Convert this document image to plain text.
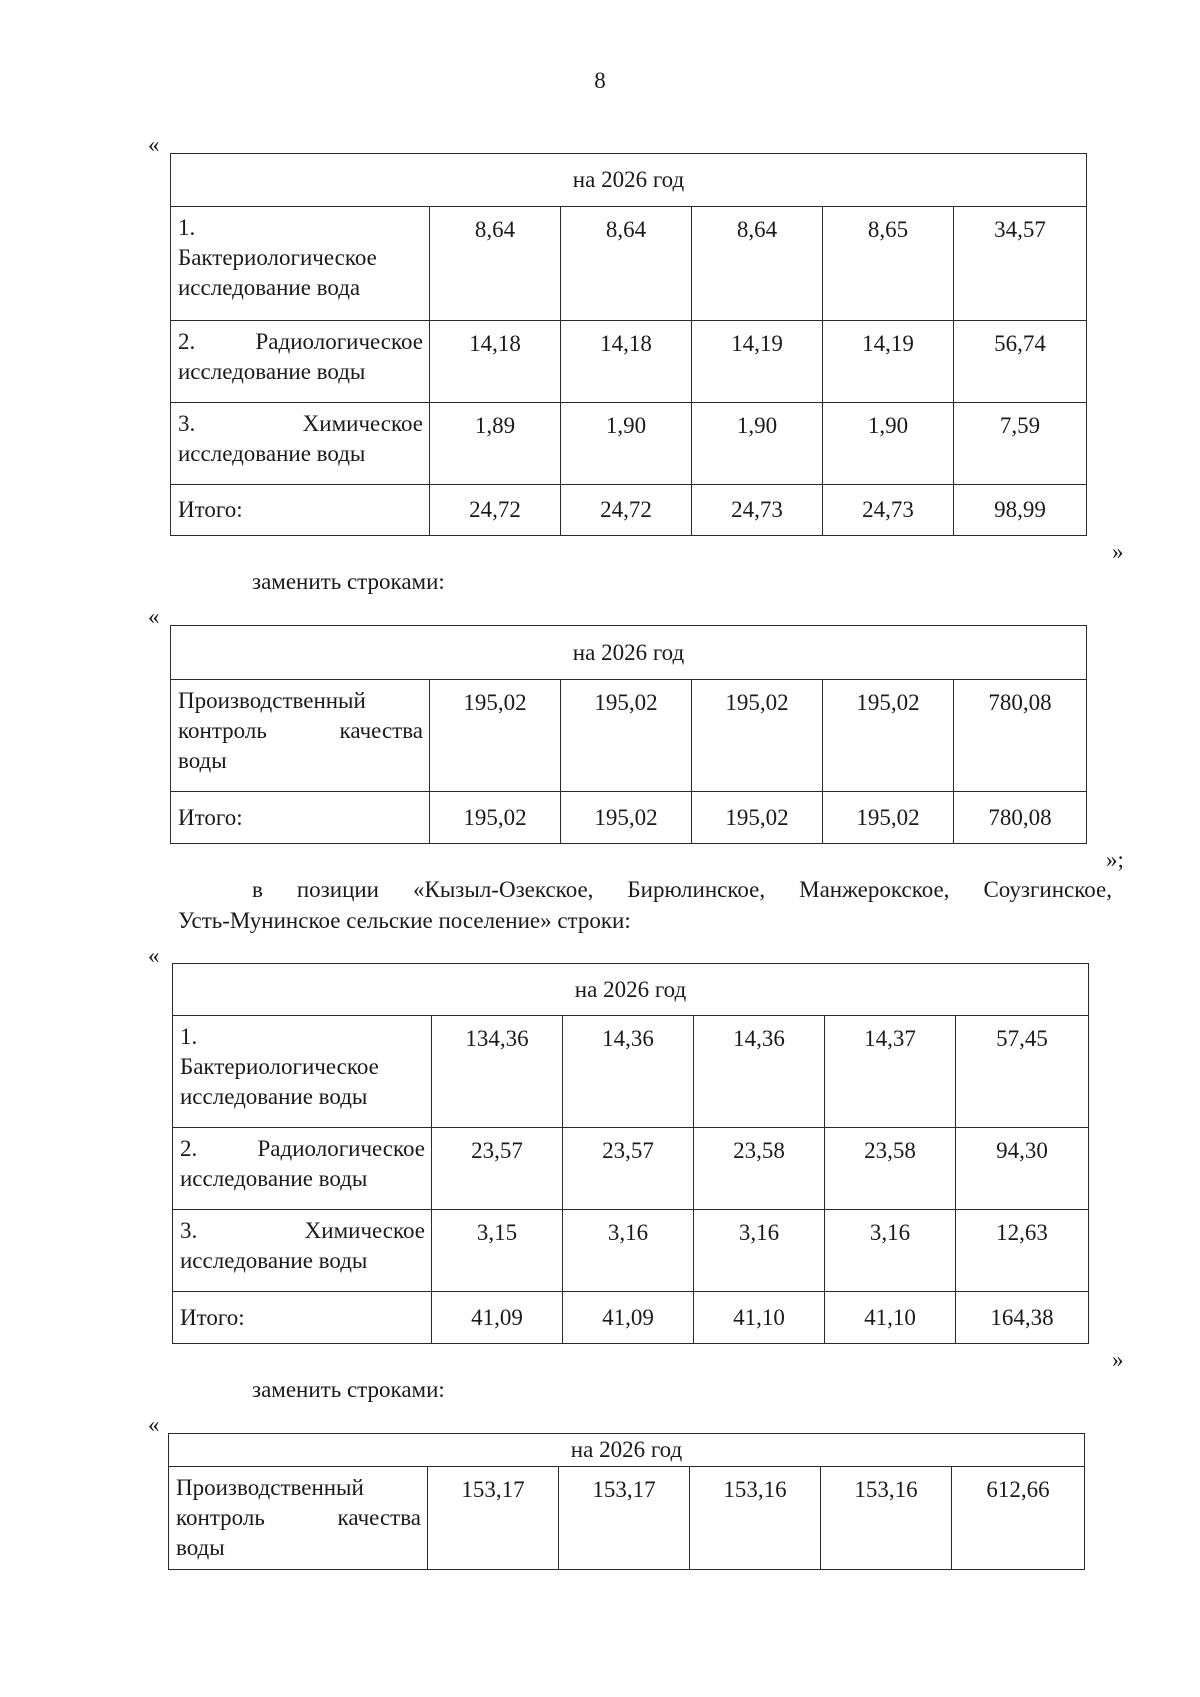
8
«
на 2026 год					

1.
Бактериологическое
исследование вода	8,64	8,64	8,64	8,65	34,57

2. Радиологическое
исследование воды	14,18	14,18	14,19	14,19	56,74

3. Химическое
исследование воды	1,89	1,90	1,90	1,90	7,59

Итого:	24,72	24,72	24,73	24,73	98,99
»
заменить строками:
«
на 2026 год					

Производственный
контроль качества
воды	195,02	195,02	195,02	195,02	780,08

Итого:	195,02	195,02	195,02	195,02	780,08
»;
в позиции «Кызыл-Озекское, Бирюлинское, Манжерокское, Соузгинское,
Усть-Мунинское сельские поселение» строки:
«
на 2026 год					

1.
Бактериологическое
исследование воды	134,36	14,36	14,36	14,37	57,45

2. Радиологическое
исследование воды	23,57	23,57	23,58	23,58	94,30

3. Химическое
исследование воды	3,15	3,16	3,16	3,16	12,63

Итого:	41,09	41,09	41,10	41,10	164,38
»
заменить строками:
«
на 2026 год

Производственный
контроль качества
воды
	153,17	153,17	153,16	153,16	612,66
